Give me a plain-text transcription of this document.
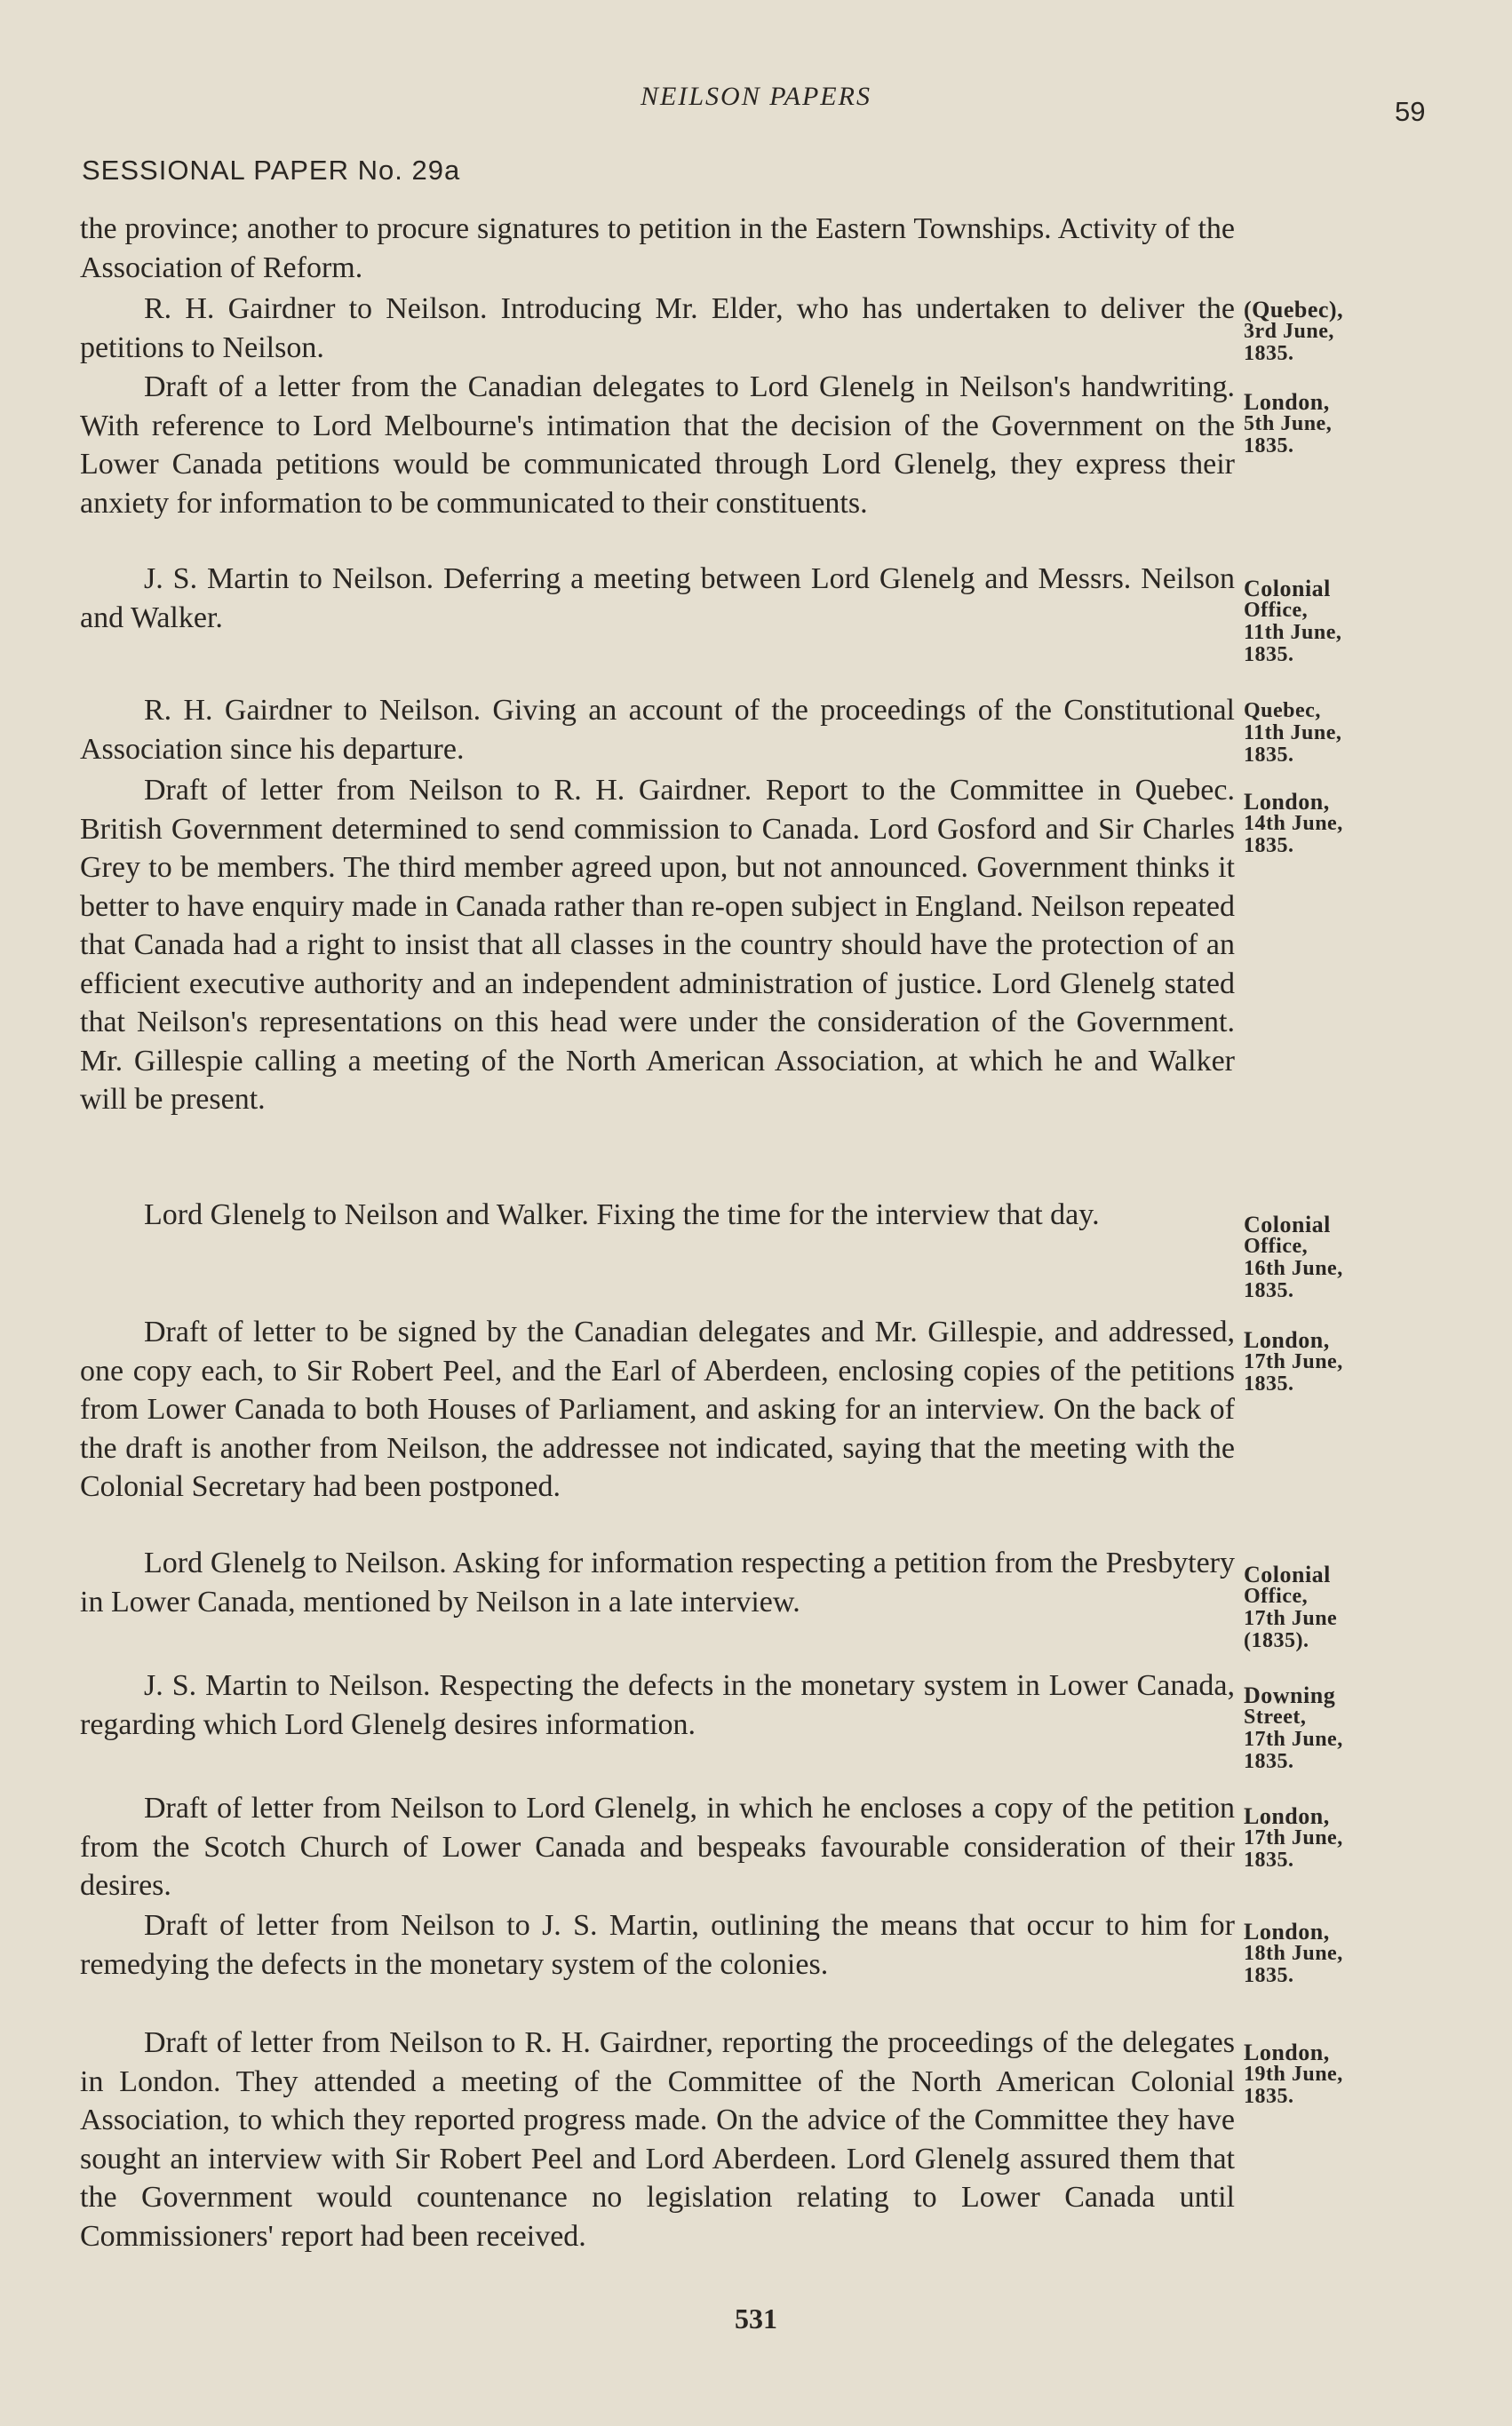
NEILSON PAPERS	59
SESSIONAL PAPER No. 29a

the province; another to procure signatures to petition in the Eastern Townships. Activity of the Association of Reform.

R. H. Gairdner to Neilson. Introducing Mr. Elder, who has undertaken to deliver the petitions to Neilson.

(Quebec),
3rd June,
1835.

Draft of a letter from the Canadian delegates to Lord Glenelg in Neilson's handwriting. With reference to Lord Melbourne's intimation that the decision of the Government on the Lower Canada petitions would be communicated through Lord Glenelg, they express their anxiety for information to be communicated to their constituents.

London,
5th June,
1835.

J. S. Martin to Neilson. Deferring a meeting between Lord Glenelg and Messrs. Neilson and Walker.

Colonial
Office,
11th June,
1835.

R. H. Gairdner to Neilson. Giving an account of the proceedings of the Constitutional Association since his departure.

Quebec,
11th June,
1835.

Draft of letter from Neilson to R. H. Gairdner. Report to the Committee in Quebec. British Government determined to send commission to Canada. Lord Gosford and Sir Charles Grey to be members. The third member agreed upon, but not announced. Government thinks it better to have enquiry made in Canada rather than re-open subject in England. Neilson repeated that Canada had a right to insist that all classes in the country should have the protection of an efficient executive authority and an independent administration of justice. Lord Glenelg stated that Neilson's representations on this head were under the consideration of the Government. Mr. Gillespie calling a meeting of the North American Association, at which he and Walker will be present.

London,
14th June,
1835.

Lord Glenelg to Neilson and Walker. Fixing the time for the interview that day.	Colonial
Office,
16th June,
1835.

Draft of letter to be signed by the Canadian delegates and Mr. Gillespie, and addressed, one copy each, to Sir Robert Peel, and the Earl of Aberdeen, enclosing copies of the petitions from Lower Canada to both Houses of Parliament, and asking for an interview. On the back of the draft is another from Neilson, the addressee not indicated, saying that the meeting with the Colonial Secretary had been postponed.

London,
17th June,
1835.

Lord Glenelg to Neilson. Asking for information respecting a petition from the Presbytery in Lower Canada, mentioned by Neilson in a late interview.

Colonial
Office,
17th June
(1835).

J. S. Martin to Neilson. Respecting the defects in the monetary system in Lower Canada, regarding which Lord Glenelg desires information.

Downing
Street,
17th June,
1835.

Draft of letter from Neilson to Lord Glenelg, in which he encloses a copy of the petition from the Scotch Church of Lower Canada and bespeaks favourable consideration of their desires.

London,
17th June,
1835.

Draft of letter from Neilson to J. S. Martin, outlining the means that occur to him for remedying the defects in the monetary system of the colonies.

London,
18th June,
1835.

Draft of letter from Neilson to R. H. Gairdner, reporting the proceedings of the delegates in London. They attended a meeting of the Committee of the North American Colonial Association, to which they reported progress made. On the advice of the Committee they have sought an interview with Sir Robert Peel and Lord Aberdeen. Lord Glenelg assured them that the Government would countenance no legislation relating to Lower Canada until Commissioners' report had been received.

London,
19th June,
1835.
531
